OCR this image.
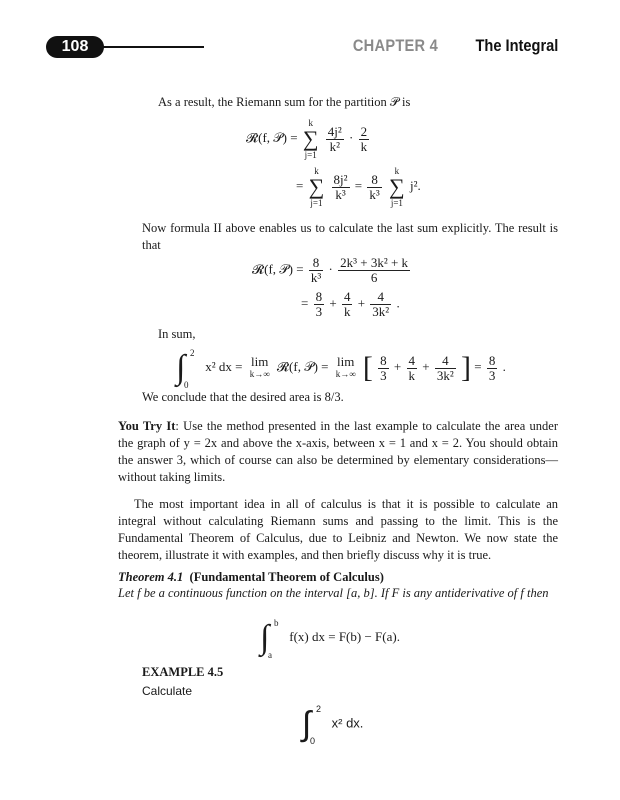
108	CHAPTER 4 The Integral
As a result, the Riemann sum for the partition 𝒫 is
𝓡(f, 𝒫) =
k
∑
j=1

$\frac{\text{4j²}}{\text{k²}} \cdot \frac{2}{k}$
=
k
∑
j=1

$\frac{\text{8j²}}{\text{k³}} = \frac{8}{\text{k³}}$

k
∑
j=1
j².
Now formula II above enables us to calculate the last sum explicitly. The result is that
𝓡(f, 𝒫) = $\frac{8}{\text{k³}} \cdot \frac{\text{2k³ + 3k² + k}}{6}$
= $\frac{8}{3} + \frac{4}{k} + \frac{4}{\text{3k²}}$ .
In sum,
∫ 2
0
x² dx = lim
k→∞
𝓡(f, 𝒫) = lim
k→∞ [ $\frac{8}{3} + \frac{4}{k} + \frac{4}{\text{3k²}}$ ] = $\frac{8}{3}$ .
We conclude that the desired area is 8/3.
You Try It: Use the method presented in the last example to calculate the area under the graph of y = 2x and above the x-axis, between x = 1 and x = 2. You should obtain the answer 3, which of course can also be determined by elementary considerations—without taking limits.
The most important idea in all of calculus is that it is possible to calculate an integral without calculating Riemann sums and passing to the limit. This is the Fundamental Theorem of Calculus, due to Leibniz and Newton. We now state the theorem, illustrate it with examples, and then briefly discuss why it is true.
Theorem 4.1 (Fundamental Theorem of Calculus)
Let f be a continuous function on the interval [a, b]. If F is any antiderivative of f then
∫ b
a
f(x) dx = F(b) − F(a).
EXAMPLE 4.5
Calculate
∫ 2
0
x² dx.
